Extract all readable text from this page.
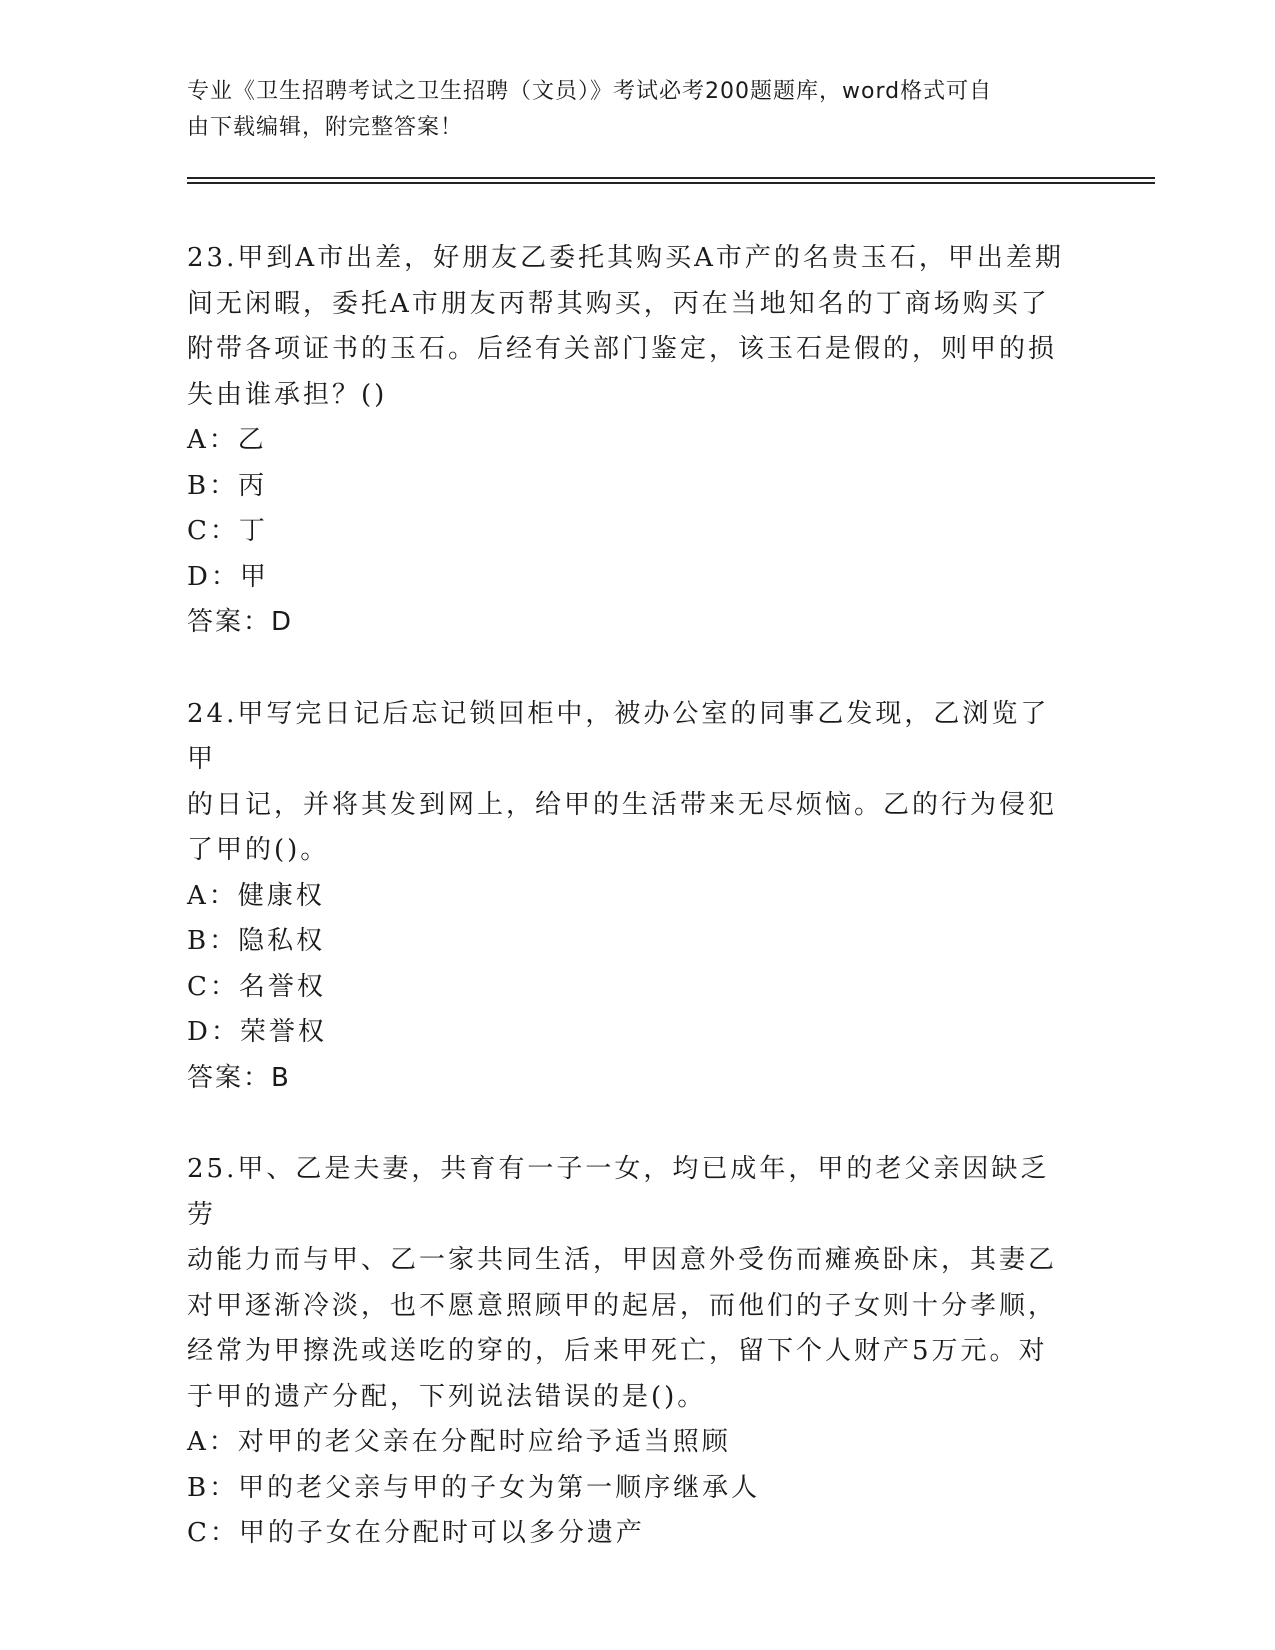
专业《卫生招聘考试之卫生招聘（文员）》考试必考200题题库，word格式可自
由下载编辑，附完整答案！

23.甲到A市出差，好朋友乙委托其购买A市产的名贵玉石，甲出差期

间无闲暇，委托A市朋友丙帮其购买，丙在当地知名的丁商场购买了

附带各项证书的玉石。后经有关部门鉴定，该玉石是假的，则甲的损

失由谁承担？()

A：乙

B：丙

C：丁

D：甲

答案：D

24.甲写完日记后忘记锁回柜中，被办公室的同事乙发现，乙浏览了甲

的日记，并将其发到网上，给甲的生活带来无尽烦恼。乙的行为侵犯

了甲的()。

A：健康权

B：隐私权

C：名誉权

D：荣誉权

答案：B

25.甲、乙是夫妻，共育有一子一女，均已成年，甲的老父亲因缺乏劳

动能力而与甲、乙一家共同生活，甲因意外受伤而瘫痪卧床，其妻乙

对甲逐渐冷淡，也不愿意照顾甲的起居，而他们的子女则十分孝顺，

经常为甲擦洗或送吃的穿的，后来甲死亡，留下个人财产5万元。对

于甲的遗产分配，下列说法错误的是()。

A：对甲的老父亲在分配时应给予适当照顾

B：甲的老父亲与甲的子女为第一顺序继承人

C：甲的子女在分配时可以多分遗产
